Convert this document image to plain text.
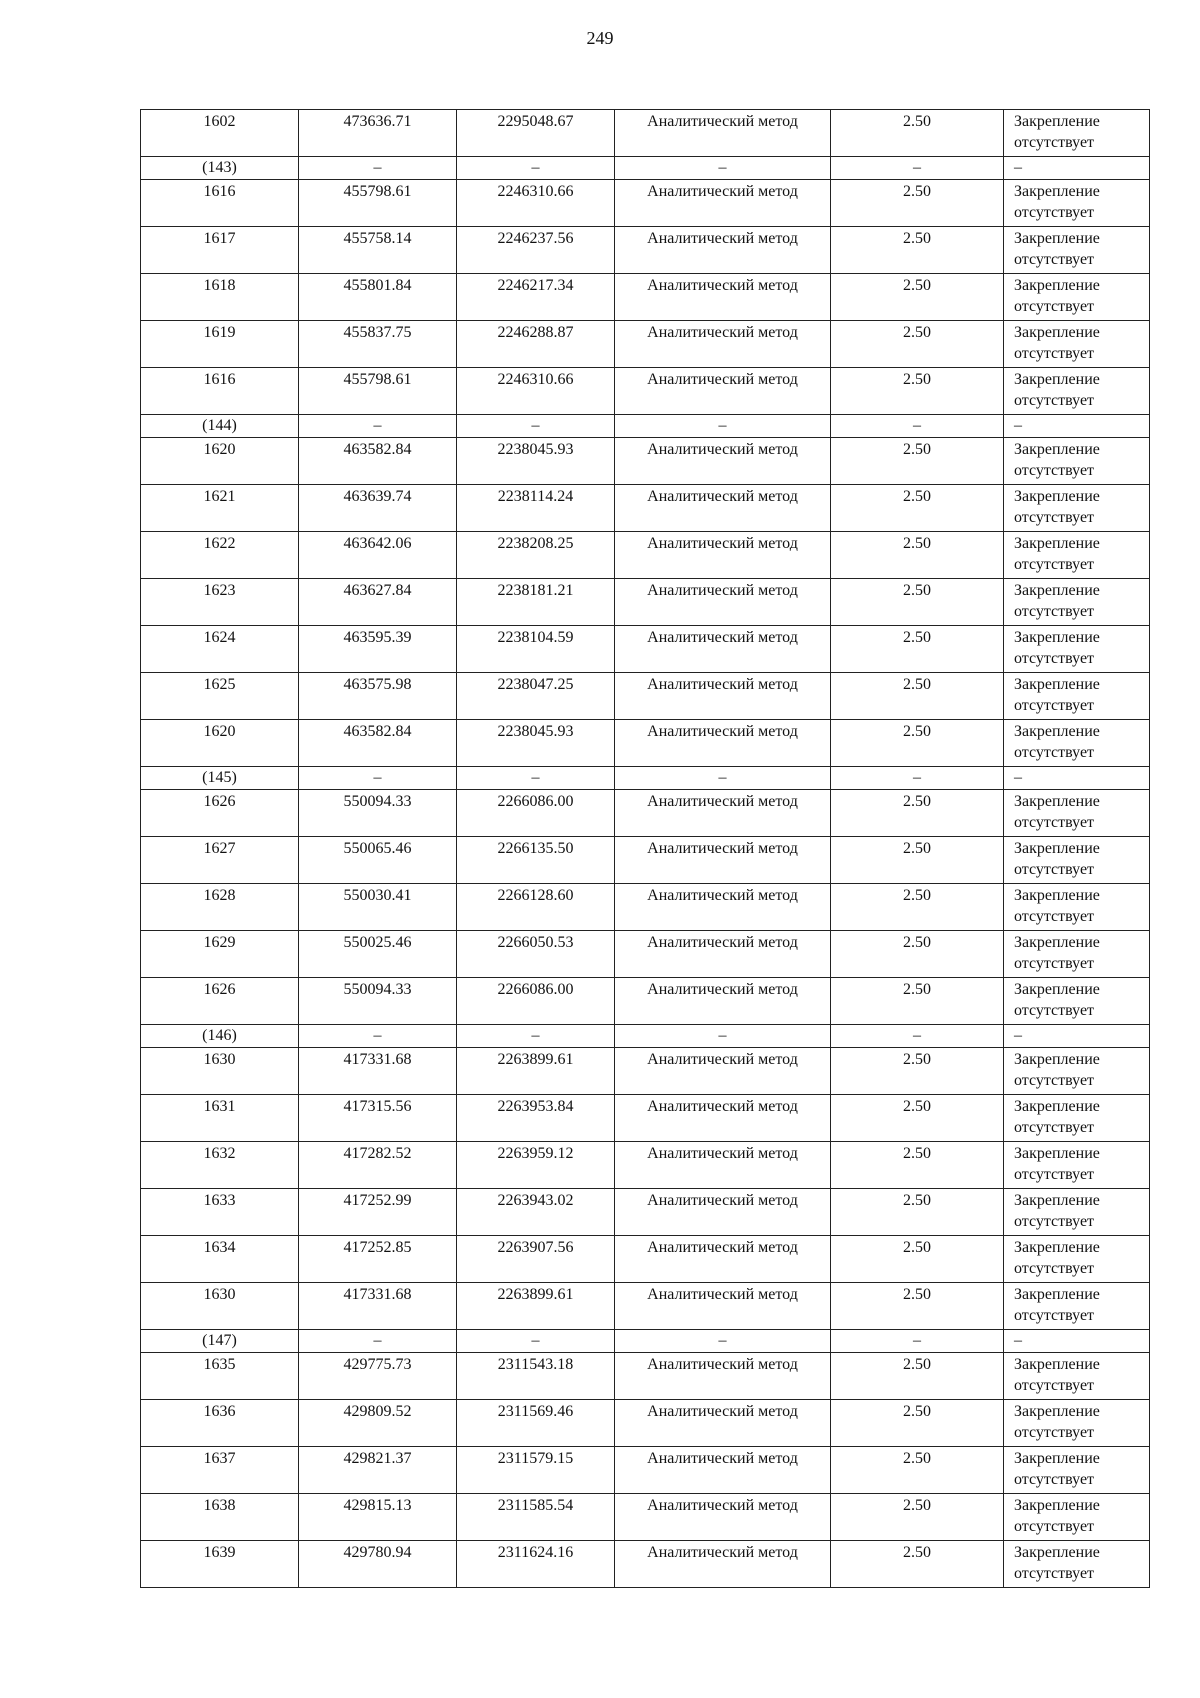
249
1602	473636.71	2295048.67	Аналитический метод	2.50	Закрепление
отсутствует

(143)	–	–	–	–	–
1616	455798.61	2246310.66	Аналитический метод	2.50	Закрепление
отсутствует

1617	455758.14	2246237.56	Аналитический метод	2.50	Закрепление
отсутствует

1618	455801.84	2246217.34	Аналитический метод	2.50	Закрепление
отсутствует

1619	455837.75	2246288.87	Аналитический метод	2.50	Закрепление
отсутствует

1616	455798.61	2246310.66	Аналитический метод	2.50	Закрепление
отсутствует

(144)	–	–	–	–	–
1620	463582.84	2238045.93	Аналитический метод	2.50	Закрепление
отсутствует

1621	463639.74	2238114.24	Аналитический метод	2.50	Закрепление
отсутствует

1622	463642.06	2238208.25	Аналитический метод	2.50	Закрепление
отсутствует

1623	463627.84	2238181.21	Аналитический метод	2.50	Закрепление
отсутствует

1624	463595.39	2238104.59	Аналитический метод	2.50	Закрепление
отсутствует

1625	463575.98	2238047.25	Аналитический метод	2.50	Закрепление
отсутствует

1620	463582.84	2238045.93	Аналитический метод	2.50	Закрепление
отсутствует

(145)	–	–	–	–	–
1626	550094.33	2266086.00	Аналитический метод	2.50	Закрепление
отсутствует

1627	550065.46	2266135.50	Аналитический метод	2.50	Закрепление
отсутствует

1628	550030.41	2266128.60	Аналитический метод	2.50	Закрепление
отсутствует

1629	550025.46	2266050.53	Аналитический метод	2.50	Закрепление
отсутствует

1626	550094.33	2266086.00	Аналитический метод	2.50	Закрепление
отсутствует

(146)	–	–	–	–	–
1630	417331.68	2263899.61	Аналитический метод	2.50	Закрепление
отсутствует

1631	417315.56	2263953.84	Аналитический метод	2.50	Закрепление
отсутствует

1632	417282.52	2263959.12	Аналитический метод	2.50	Закрепление
отсутствует

1633	417252.99	2263943.02	Аналитический метод	2.50	Закрепление
отсутствует

1634	417252.85	2263907.56	Аналитический метод	2.50	Закрепление
отсутствует

1630	417331.68	2263899.61	Аналитический метод	2.50	Закрепление
отсутствует

(147)	–	–	–	–	–
1635	429775.73	2311543.18	Аналитический метод	2.50	Закрепление
отсутствует

1636	429809.52	2311569.46	Аналитический метод	2.50	Закрепление
отсутствует

1637	429821.37	2311579.15	Аналитический метод	2.50	Закрепление
отсутствует

1638	429815.13	2311585.54	Аналитический метод	2.50	Закрепление
отсутствует

1639	429780.94	2311624.16	Аналитический метод	2.50	Закрепление
отсутствует
